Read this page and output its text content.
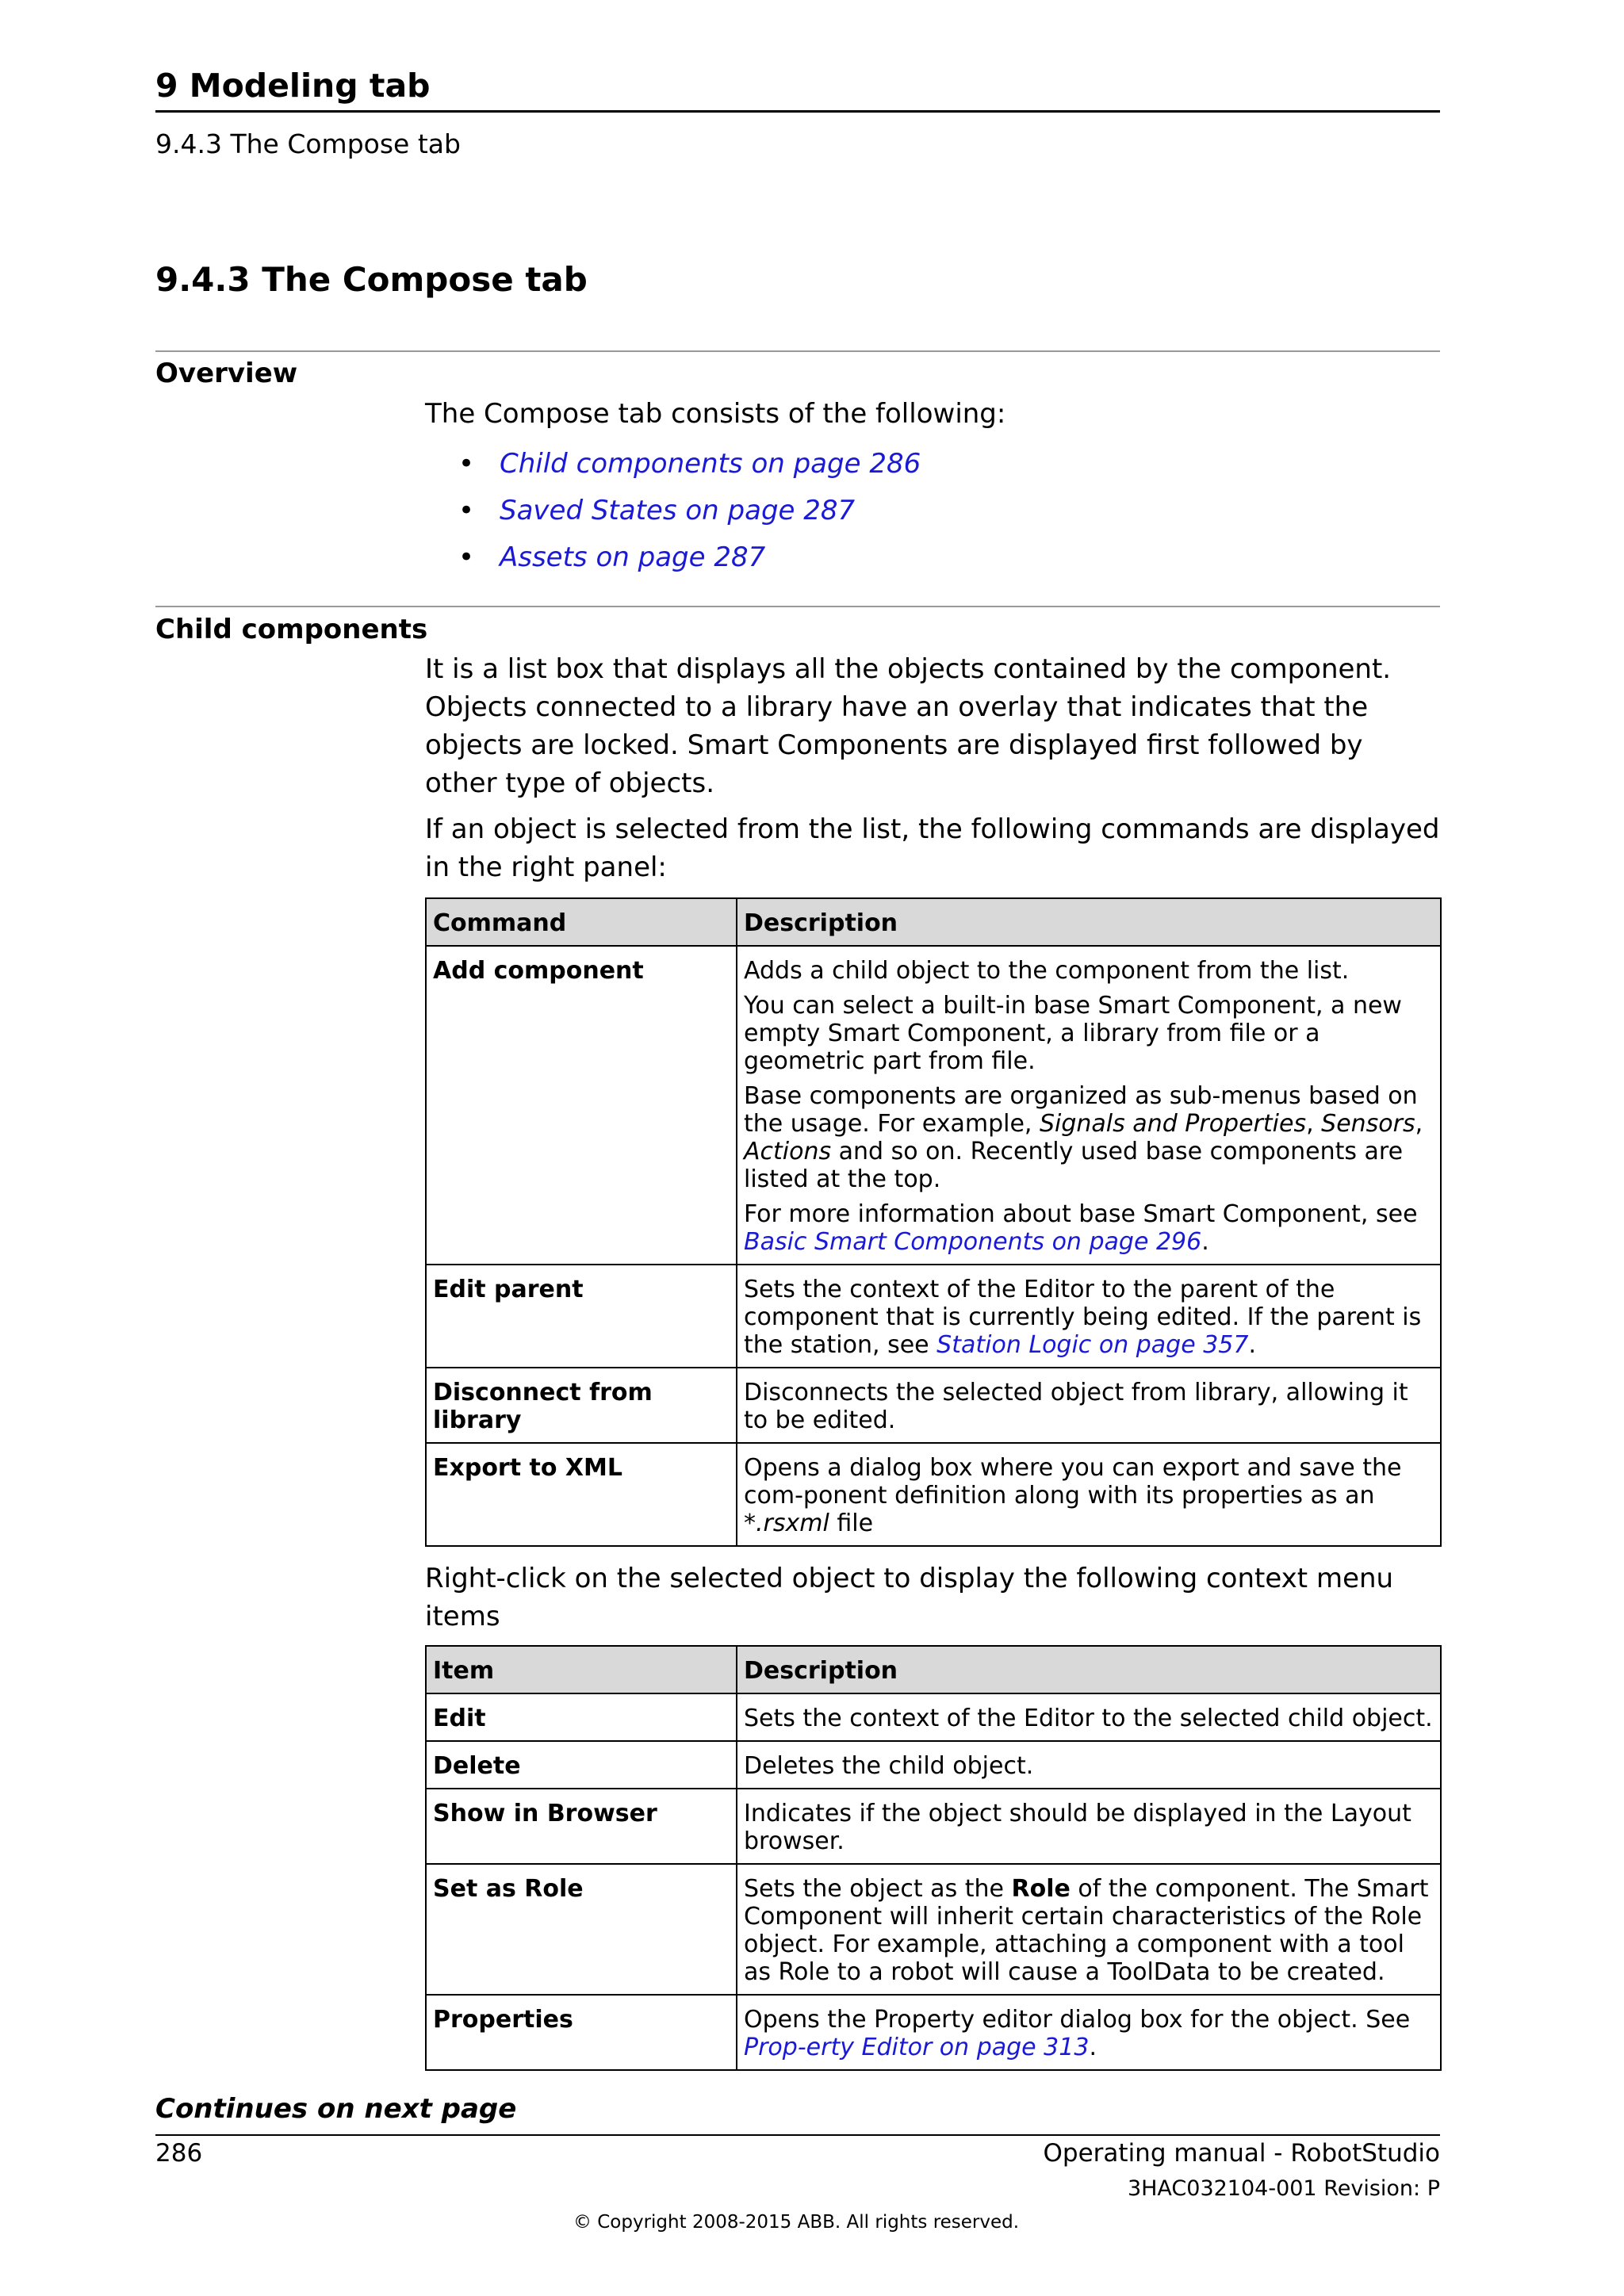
9 Modeling tab
9.4.3 The Compose tab
9.4.3 The Compose tab
Overview

The Compose tab consists of the following:

• Child components on page 286
• Saved States on page 287
• Assets on page 287
Child components

It is a list box that displays all the objects contained by the component. Objects connected to a library have an overlay that indicates that the objects are locked. Smart Components are displayed first followed by other type of objects.

If an object is selected from the list, the following commands are displayed in the right panel:

Command	Description
Add component	Adds a child object to the component from the list.

You can select a built-in base Smart Component, a new empty Smart Component, a library from file or a geometric part from file.

Base components are organized as sub-menus based on the usage. For example, Signals and Properties, Sensors, Actions and so on. Recently used base components are listed at the top.

For more information about base Smart Component, see Basic Smart Components on page 296.

Edit parent	Sets the context of the Editor to the parent of the component that is currently being edited. If the parent is the station, see Station Logic on page 357.
Disconnect from library	Disconnects the selected object from library, allowing it to be edited.
Export to XML	Opens a dialog box where you can export and save the com-ponent definition along with its properties as an *.rsxml file

Right-click on the selected object to display the following context menu items

Item	Description
Edit	Sets the context of the Editor to the selected child object.
Delete	Deletes the child object.
Show in Browser	Indicates if the object should be displayed in the Layout browser.
Set as Role	Sets the object as the Role of the component. The Smart Component will inherit certain characteristics of the Role object. For example, attaching a component with a tool as Role to a robot will cause a ToolData to be created.
Properties	Opens the Property editor dialog box for the object. See Prop-erty Editor on page 313.
Continues on next page
286	Operating manual - RobotStudio
3HAC032104-001 Revision: P
© Copyright 2008-2015 ABB. All rights reserved.
